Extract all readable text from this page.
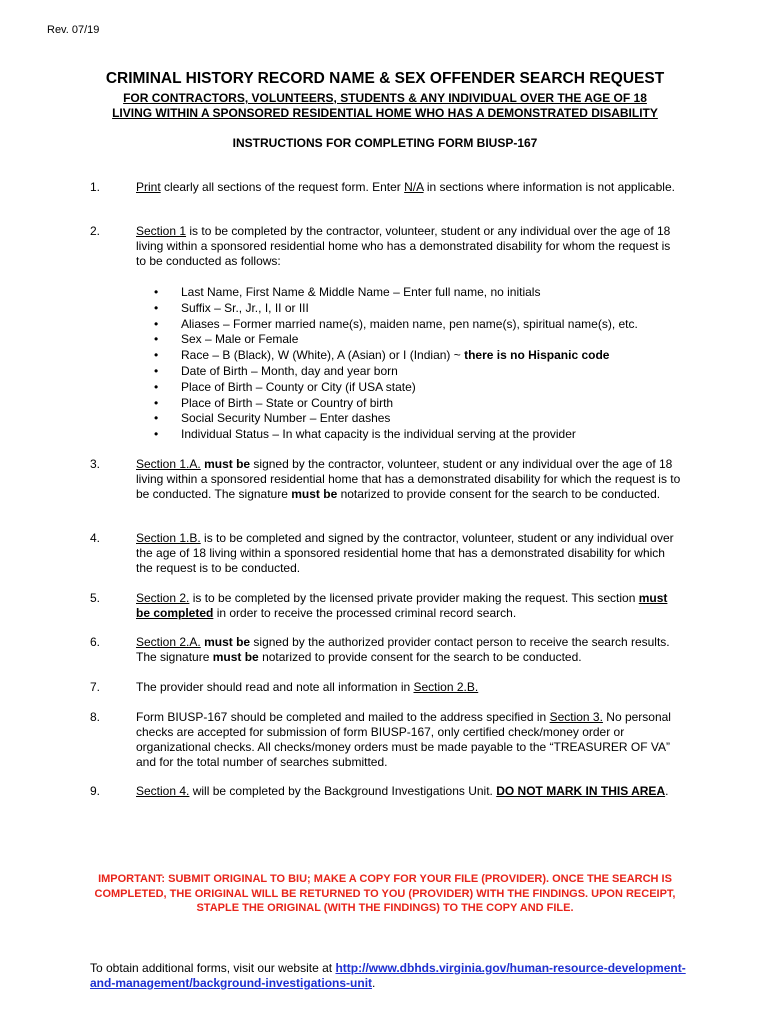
Rev. 07/19
CRIMINAL HISTORY RECORD NAME & SEX OFFENDER SEARCH REQUEST
FOR CONTRACTORS, VOLUNTEERS, STUDENTS & ANY INDIVIDUAL OVER THE AGE OF 18
LIVING WITHIN A SPONSORED RESIDENTIAL HOME WHO HAS A DEMONSTRATED DISABILITY
INSTRUCTIONS FOR COMPLETING FORM BIUSP-167
1.	Print clearly all sections of the request form. Enter N/A in sections where information is not applicable.
2.	Section 1 is to be completed by the contractor, volunteer, student or any individual over the age of 18 living within a sponsored residential home who has a demonstrated disability for whom the request is to be conducted as follows:
• Last Name, First Name & Middle Name – Enter full name, no initials
• Suffix – Sr., Jr., I, II or III
• Aliases – Former married name(s), maiden name, pen name(s), spiritual name(s), etc.
• Sex – Male or Female
• Race – B (Black), W (White), A (Asian) or I (Indian) ~ there is no Hispanic code
• Date of Birth – Month, day and year born
• Place of Birth – County or City (if USA state)
• Place of Birth – State or Country of birth
• Social Security Number – Enter dashes
• Individual Status – In what capacity is the individual serving at the provider
3.	Section 1.A. must be signed by the contractor, volunteer, student or any individual over the age of 18 living within a sponsored residential home that has a demonstrated disability for which the request is to be conducted. The signature must be notarized to provide consent for the search to be conducted.
4.	Section 1.B. is to be completed and signed by the contractor, volunteer, student or any individual over the age of 18 living within a sponsored residential home that has a demonstrated disability for which the request is to be conducted.
5.	Section 2. is to be completed by the licensed private provider making the request. This section must be completed in order to receive the processed criminal record search.
6.	Section 2.A. must be signed by the authorized provider contact person to receive the search results. The signature must be notarized to provide consent for the search to be conducted.
7.	The provider should read and note all information in Section 2.B.
8.	Form BIUSP-167 should be completed and mailed to the address specified in Section 3. No personal checks are accepted for submission of form BIUSP-167, only certified check/money order or organizational checks. All checks/money orders must be made payable to the “TREASURER OF VA” and for the total number of searches submitted.
9.	Section 4. will be completed by the Background Investigations Unit. DO NOT MARK IN THIS AREA.
IMPORTANT: SUBMIT ORIGINAL TO BIU; MAKE A COPY FOR YOUR FILE (PROVIDER). ONCE THE SEARCH IS COMPLETED, THE ORIGINAL WILL BE RETURNED TO YOU (PROVIDER) WITH THE FINDINGS. UPON RECEIPT, STAPLE THE ORIGINAL (WITH THE FINDINGS) TO THE COPY AND FILE.
To obtain additional forms, visit our website at http://www.dbhds.virginia.gov/human-resource-development-and-management/background-investigations-unit.
